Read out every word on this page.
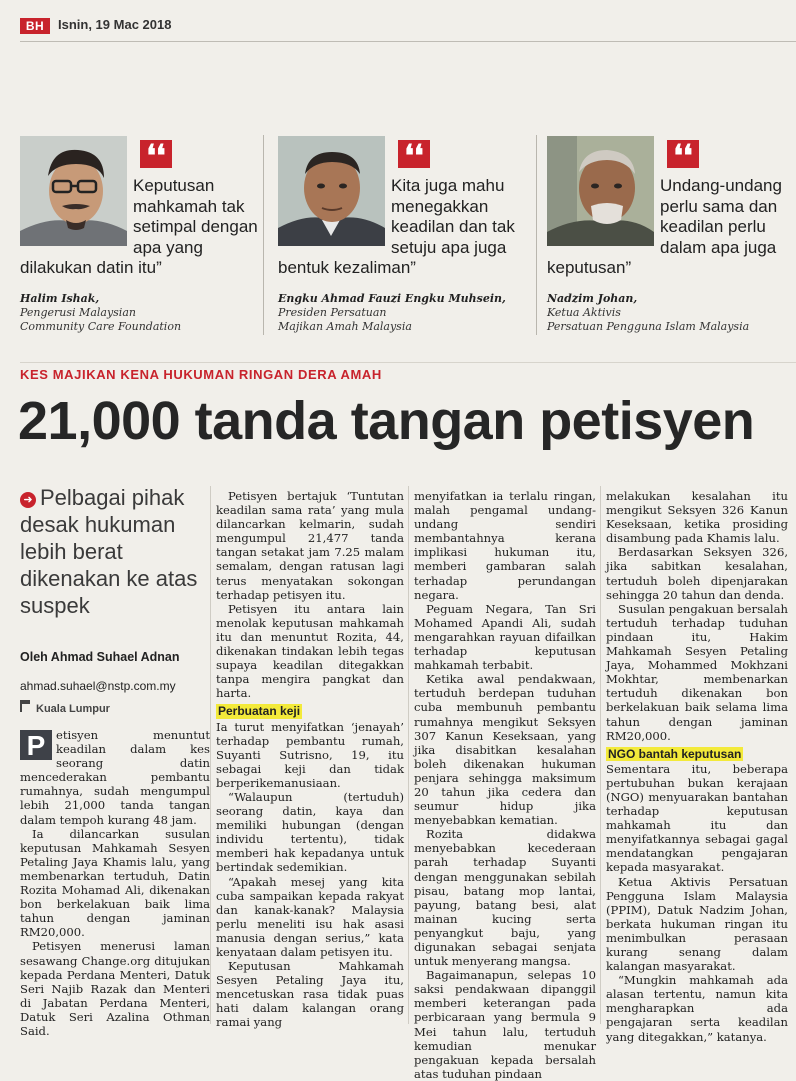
BH	Isnin, 19 Mac 2018
❛❛
Keputusan mahkamah tak setimpal dengan apa yang dilakukan datin itu”
Halim Ishak,
Pengerusi Malaysian
Community Care Foundation
❛❛
Kita juga mahu menegakkan keadilan dan tak setuju apa juga bentuk kezaliman”
Engku Ahmad Fauzi Engku Muhsein,
Presiden Persatuan
Majikan Amah Malaysia
❛❛
Undang-undang perlu sama dan keadilan perlu dalam apa juga keputusan”
Nadzim Johan,
Ketua Aktivis
Persatuan Pengguna Islam Malaysia
KES MAJIKAN KENA HUKUMAN RINGAN DERA AMAH
21,000 tanda tangan petisyen
➜ Pelbagai pihak desak hukuman lebih berat dikenakan ke atas suspek
Oleh Ahmad Suhael Adnan
ahmad.suhael@nstp.com.my
Kuala Lumpur

P etisyen menuntut keadilan dalam kes seorang datin mencederakan pembantu rumahnya, sudah mengumpul lebih 21,000 tanda tangan dalam tempoh kurang 48 jam.

Ia dilancarkan susulan keputusan Mahkamah Sesyen Petaling Jaya Khamis lalu, yang membenarkan tertuduh, Datin Rozita Mohamad Ali, dikenakan bon berkelakuan baik lima tahun dengan jaminan RM20,000.

Petisyen menerusi laman sesawang Change.org ditujukan kepada Perdana Menteri, Datuk Seri Najib Razak dan Menteri di Jabatan Perdana Menteri, Datuk Seri Azalina Othman Said.

Petisyen bertajuk ‘Tuntutan keadilan sama rata’ yang mula dilancarkan kelmarin, sudah mengumpul 21,477 tanda tangan setakat jam 7.25 malam semalam, dengan ratusan lagi terus menyatakan sokongan terhadap petisyen itu.

Petisyen itu antara lain menolak keputusan mahkamah itu dan menuntut Rozita, 44, dikenakan tindakan lebih tegas supaya keadilan ditegakkan tanpa mengira pangkat dan harta.

Perbuatan keji

Ia turut menyifatkan ‘jenayah’ terhadap pembantu rumah, Suyanti Sutrisno, 19, itu sebagai keji dan tidak berperikemanusiaan.

“Walaupun (tertuduh) seorang datin, kaya dan memiliki hubungan (dengan individu tertentu), tidak memberi hak kepadanya untuk bertindak sedemikian.

“Apakah mesej yang kita cuba sampaikan kepada rakyat dan kanak-kanak? Malaysia perlu meneliti isu hak asasi manusia dengan serius,” kata kenyataan dalam petisyen itu.

Keputusan Mahkamah Sesyen Petaling Jaya itu, mencetuskan rasa tidak puas hati dalam kalangan orang ramai yang

menyifatkan ia terlalu ringan, malah pengamal undang-undang sendiri membantahnya kerana implikasi hukuman itu, memberi gambaran salah terhadap perundangan negara.

Peguam Negara, Tan Sri Mohamed Apandi Ali, sudah mengarahkan rayuan difailkan terhadap keputusan mahkamah terbabit.

Ketika awal pendakwaan, tertuduh berdepan tuduhan cuba membunuh pembantu rumahnya mengikut Seksyen 307 Kanun Keseksaan, yang jika disabitkan kesalahan boleh dikenakan hukuman penjara sehingga maksimum 20 tahun jika cedera dan seumur hidup jika menyebabkan kematian.

Rozita didakwa menyebabkan kecederaan parah terhadap Suyanti dengan menggunakan sebilah pisau, batang mop lantai, payung, batang besi, alat mainan kucing serta penyangkut baju, yang digunakan sebagai senjata untuk menyerang mangsa.

Bagaimanapun, selepas 10 saksi pendakwaan dipanggil memberi keterangan pada perbicaraan yang bermula 9 Mei tahun lalu, tertuduh kemudian menukar pengakuan kepada bersalah atas tuduhan pindaan

melakukan kesalahan itu mengikut Seksyen 326 Kanun Keseksaan, ketika prosiding disambung pada Khamis lalu.

Berdasarkan Seksyen 326, jika sabitkan kesalahan, tertuduh boleh dipenjarakan sehingga 20 tahun dan denda.

Susulan pengakuan bersalah tertuduh terhadap tuduhan pindaan itu, Hakim Mahkamah Sesyen Petaling Jaya, Mohammed Mokhzani Mokhtar, membenarkan tertuduh dikenakan bon berkelakuan baik selama lima tahun dengan jaminan RM20,000.

NGO bantah keputusan

Sementara itu, beberapa pertubuhan bukan kerajaan (NGO) menyuarakan bantahan terhadap keputusan mahkamah itu dan menyifatkannya sebagai gagal mendatangkan pengajaran kepada masyarakat.

Ketua Aktivis Persatuan Pengguna Islam Malaysia (PPIM), Datuk Nadzim Johan, berkata hukuman ringan itu menimbulkan perasaan kurang senang dalam kalangan masyarakat.

“Mungkin mahkamah ada alasan tertentu, namun kita mengharapkan ada pengajaran serta keadilan yang ditegakkan,” katanya.
